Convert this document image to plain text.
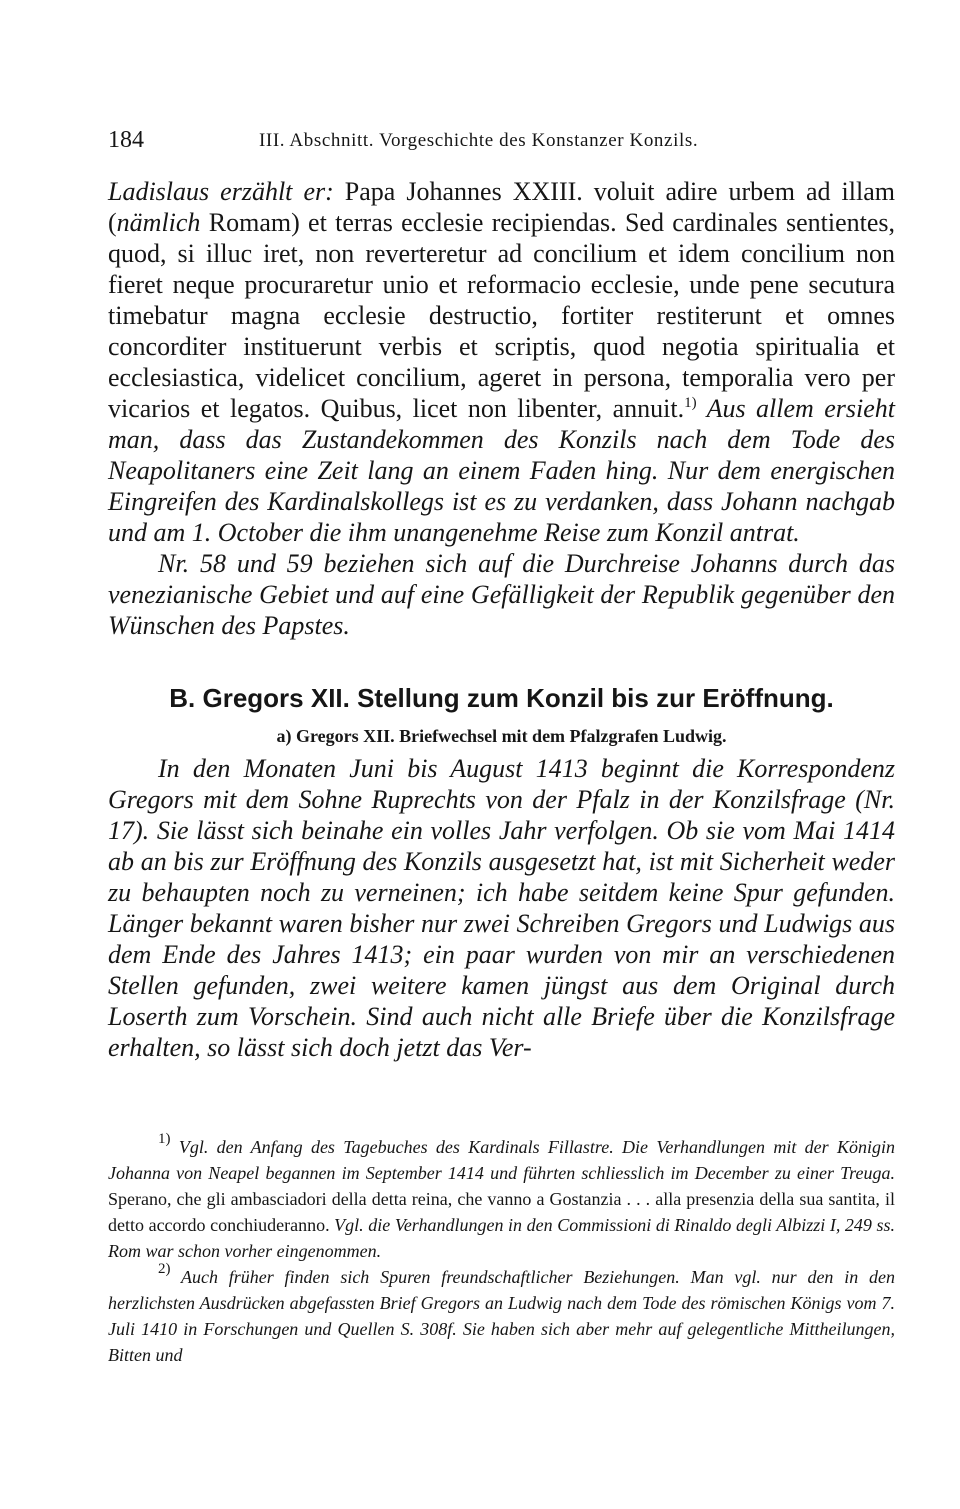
184	III. Abschnitt. Vorgeschichte des Konstanzer Konzils.

Ladislaus erzählt er: Papa Johannes XXIII. voluit adire urbem ad illam (nämlich Romam) et terras ecclesie recipiendas. Sed cardinales sentientes, quod, si illuc iret, non reverteretur ad concilium et idem concilium non fieret neque procuraretur unio et reformacio ecclesie, unde pene secutura timebatur magna ecclesie destructio, fortiter restiterunt et omnes concorditer instituerunt verbis et scriptis, quod negotia spiritualia et ecclesiastica, videlicet concilium, ageret in persona, temporalia vero per vicarios et legatos. Quibus, licet non libenter, annuit.$^{1)}$ Aus allem ersieht man, dass das Zustandekommen des Konzils nach dem Tode des Neapolitaners eine Zeit lang an einem Faden hing. Nur dem energischen Eingreifen des Kardinalskollegs ist es zu verdanken, dass Johann nachgab und am 1. October die ihm unangenehme Reise zum Konzil antrat.

Nr. 58 und 59 beziehen sich auf die Durchreise Johanns durch das venezianische Gebiet und auf eine Gefälligkeit der Republik gegenüber den Wünschen des Papstes.

B. Gregors XII. Stellung zum Konzil bis zur Eröffnung.
a) Gregors XII. Briefwechsel mit dem Pfalzgrafen Ludwig.

In den Monaten Juni bis August 1413 beginnt die Korrespondenz Gregors mit dem Sohne Ruprechts von der Pfalz in der Konzilsfrage (Nr. 17). Sie lässt sich beinahe ein volles Jahr verfolgen. Ob sie vom Mai 1414 ab an bis zur Eröffnung des Konzils ausgesetzt hat, ist mit Sicherheit weder zu behaupten noch zu verneinen; ich habe seitdem keine Spur gefunden. Länger bekannt waren bisher nur zwei Schreiben Gregors und Ludwigs aus dem Ende des Jahres 1413; ein paar wurden von mir an verschiedenen Stellen gefunden, zwei weitere kamen jüngst aus dem Original durch Loserth zum Vorschein. Sind auch nicht alle Briefe über die Konzilsfrage erhalten, so lässt sich doch jetzt das Ver-

$^{1)}$ Vgl. den Anfang des Tagebuches des Kardinals Fillastre. Die Verhandlungen mit der Königin Johanna von Neapel begannen im September 1414 und führten schliesslich im December zu einer Treuga. Sperano, che gli ambasciadori della detta reina, che vanno a Gostanzia . . . alla presenzia della sua santita, il detto accordo conchiuderanno. Vgl. die Verhandlungen in den Commissioni di Rinaldo degli Albizzi I, 249 ss. Rom war schon vorher eingenommen.

$^{2)}$ Auch früher finden sich Spuren freundschaftlicher Beziehungen. Man vgl. nur den in den herzlichsten Ausdrücken abgefassten Brief Gregors an Ludwig nach dem Tode des römischen Königs vom 7. Juli 1410 in Forschungen und Quellen S. 308f. Sie haben sich aber mehr auf gelegentliche Mittheilungen, Bitten und
